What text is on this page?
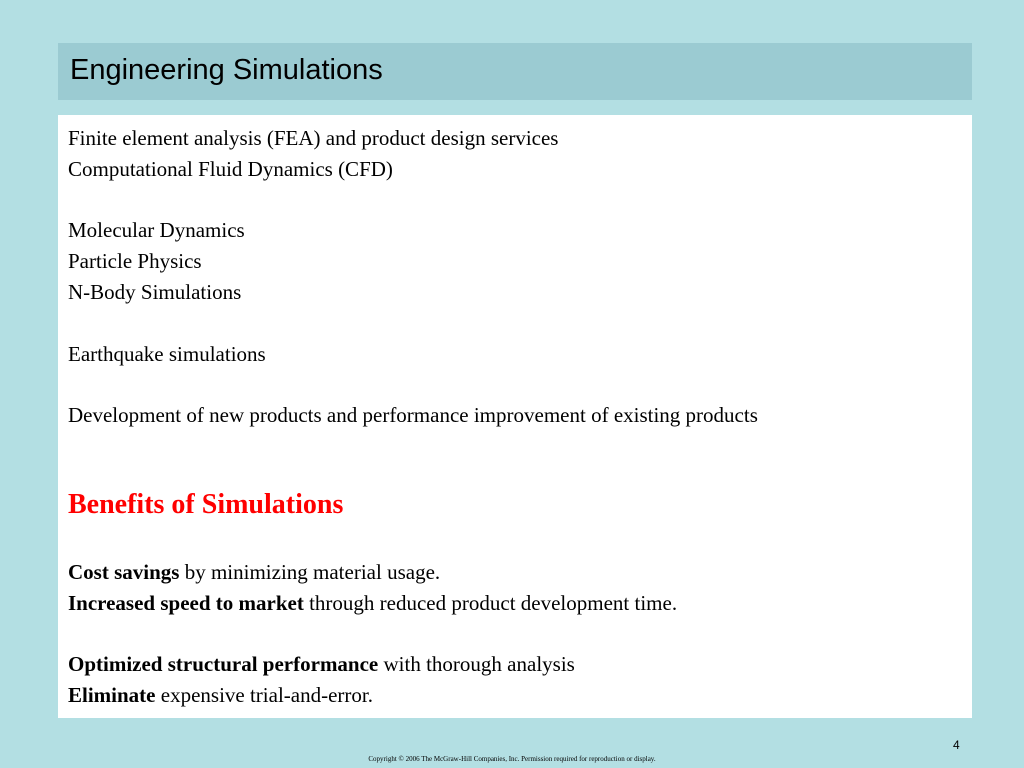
Engineering Simulations

Finite element analysis (FEA) and product design services

Computational Fluid Dynamics (CFD)

Molecular Dynamics

Particle Physics

N-Body Simulations

Earthquake simulations

Development of new products and performance improvement of existing products

Benefits of Simulations

Cost savings by minimizing material usage.

Increased speed to market through reduced product development time.

Optimized structural performance with thorough analysis

Eliminate expensive trial-and-error.

4
Copyright © 2006 The McGraw-Hill Companies, Inc. Permission required for reproduction or display.
